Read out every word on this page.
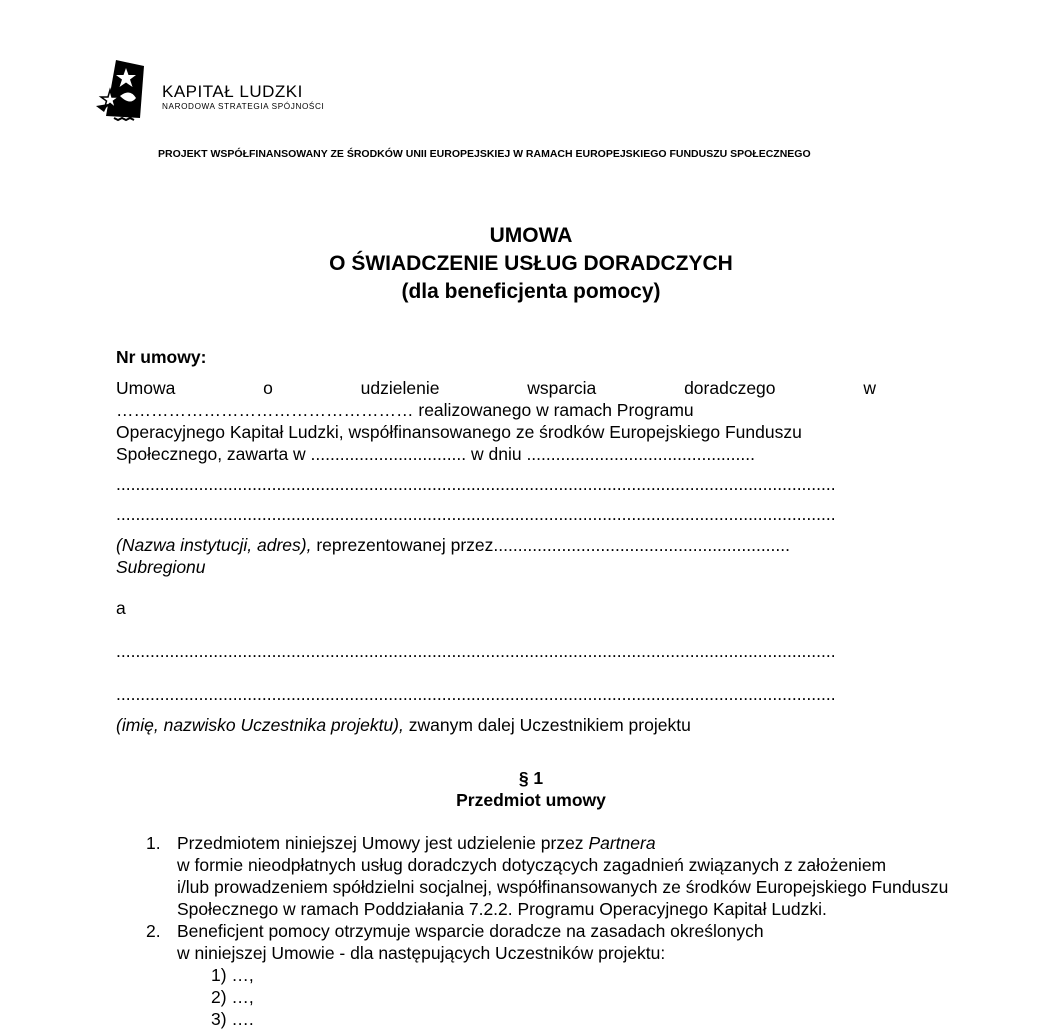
KAPITAŁ LUDZKI
NARODOWA STRATEGIA SPÓJNOŚCI
PROJEKT WSPÓŁFINANSOWANY ZE ŚRODKÓW UNII EUROPEJSKIEJ W RAMACH EUROPEJSKIEGO FUNDUSZU SPOŁECZNEGO
UMOWA
O ŚWIADCZENIE USŁUG DORADCZYCH
(dla beneficjenta pomocy)
Nr umowy:
Umowa	o	udzielenie	wsparcia	doradczego	w
…………………………………………… realizowanego w ramach Programu
Operacyjnego Kapitał Ludzki, współfinansowanego ze środków Europejskiego Funduszu
Społecznego, zawarta w ................................ w dniu ...............................................
....................................................................................................................................................
....................................................................................................................................................
(Nazwa instytucji, adres), reprezentowanej przez.............................................................
Subregionu
a
....................................................................................................................................................
....................................................................................................................................................
(imię, nazwisko Uczestnika projektu), zwanym dalej Uczestnikiem projektu
§ 1
Przedmiot umowy
1. Przedmiotem niniejszej Umowy jest udzielenie przez Partnera
w formie nieodpłatnych usług doradczych dotyczących zagadnień związanych z założeniem
i/lub prowadzeniem spółdzielni socjalnej, współfinansowanych ze środków Europejskiego Funduszu
Społecznego w ramach Poddziałania 7.2.2. Programu Operacyjnego Kapitał Ludzki.
2. Beneficjent pomocy otrzymuje wsparcie doradcze na zasadach określonych
w niniejszej Umowie - dla następujących Uczestników projektu:
1) …,
2) …,
3) ….
